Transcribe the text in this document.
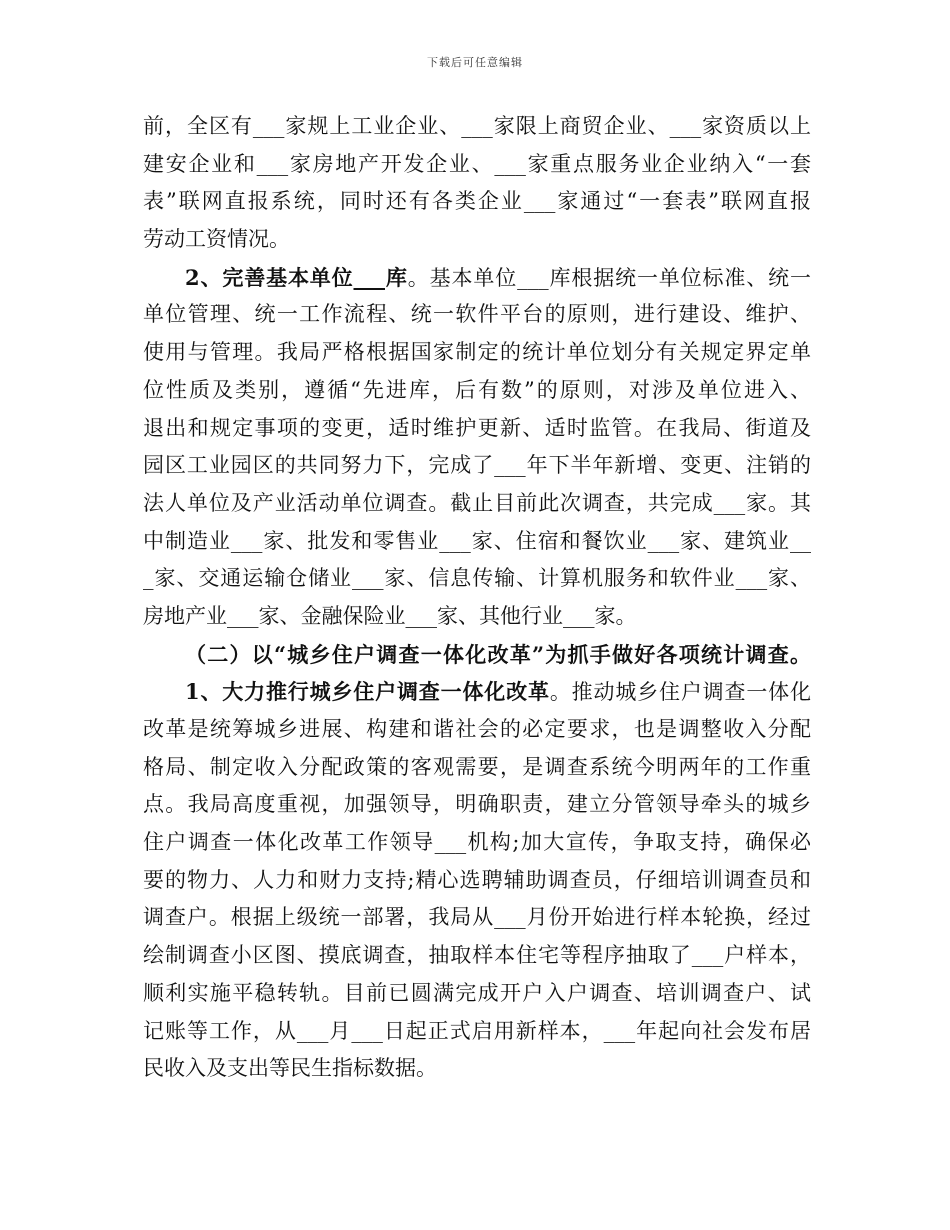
下载后可任意编辑
前，全区有___家规上工业企业、___家限上商贸企业、___家资质以上
建安企业和___家房地产开发企业、___家重点服务业企业纳入“一套
表”联网直报系统，同时还有各类企业___家通过“一套表”联网直报
劳动工资情况。
2、完善基本单位___库。基本单位___库根据统一单位标准、统一
单位管理、统一工作流程、统一软件平台的原则，进行建设、维护、
使用与管理。我局严格根据国家制定的统计单位划分有关规定界定单
位性质及类别，遵循“先进库，后有数”的原则，对涉及单位进入、
退出和规定事项的变更，适时维护更新、适时监管。在我局、街道及
园区工业园区的共同努力下，完成了___年下半年新增、变更、注销的
法人单位及产业活动单位调查。截止目前此次调查，共完成___家。其
中制造业___家、批发和零售业___家、住宿和餐饮业___家、建筑业__
_家、交通运输仓储业___家、信息传输、计算机服务和软件业___家、
房地产业___家、金融保险业___家、其他行业___家。
（二）以“城乡住户调查一体化改革”为抓手做好各项统计调查。
1、大力推行城乡住户调查一体化改革。推动城乡住户调查一体化
改革是统筹城乡进展、构建和谐社会的必定要求，也是调整收入分配
格局、制定收入分配政策的客观需要，是调查系统今明两年的工作重
点。我局高度重视，加强领导，明确职责，建立分管领导牵头的城乡
住户调查一体化改革工作领导___机构;加大宣传，争取支持，确保必
要的物力、人力和财力支持;精心选聘辅助调查员，仔细培训调查员和
调查户。根据上级统一部署，我局从___月份开始进行样本轮换，经过
绘制调查小区图、摸底调查，抽取样本住宅等程序抽取了___户样本，
顺利实施平稳转轨。目前已圆满完成开户入户调查、培训调查户、试
记账等工作，从___月___日起正式启用新样本，___年起向社会发布居
民收入及支出等民生指标数据。
